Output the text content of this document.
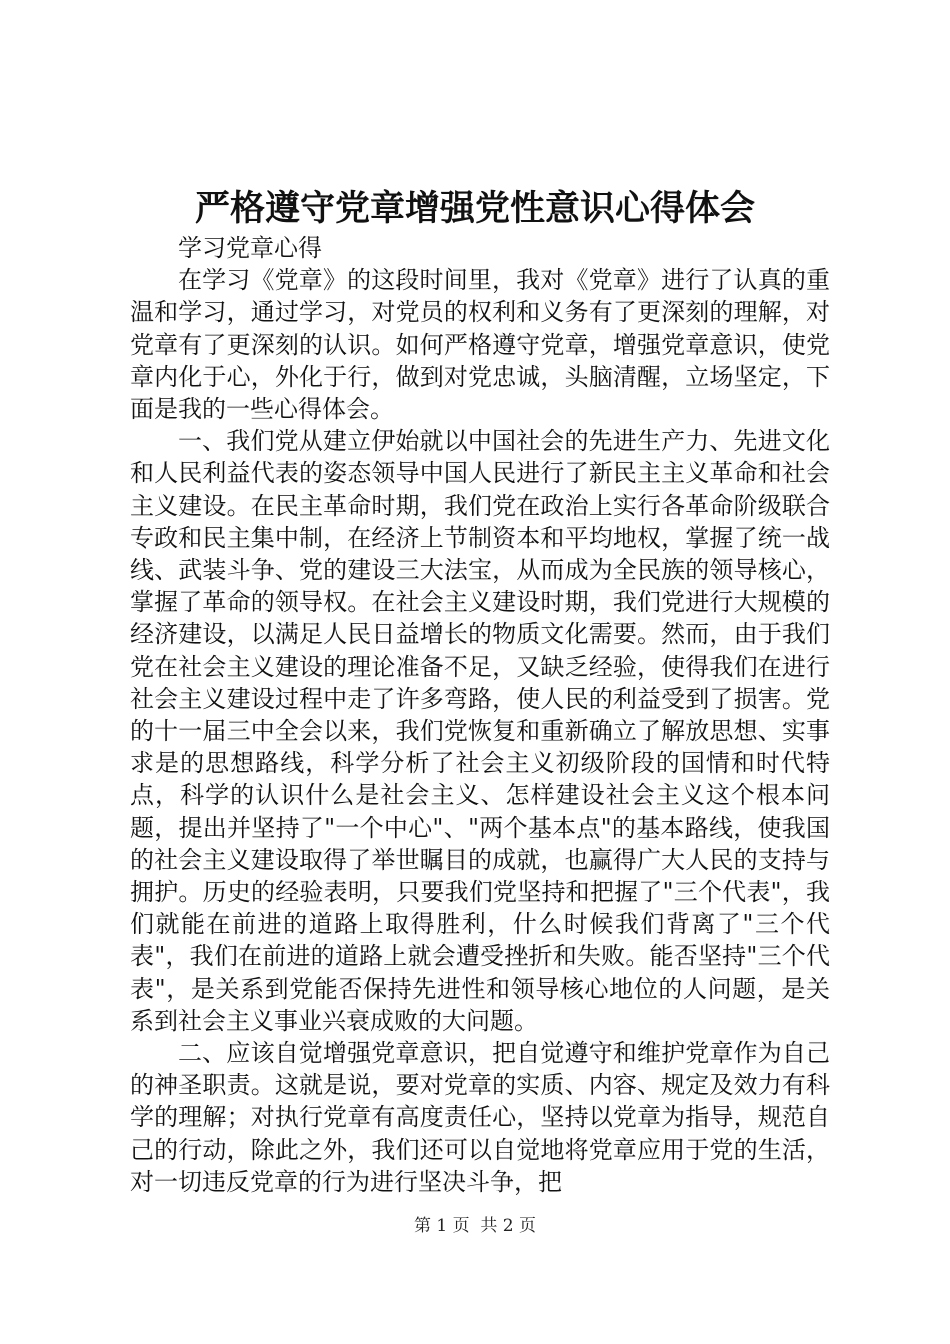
严格遵守党章增强党性意识心得体会

学习党章心得

在学习《党章》的这段时间里，我对《党章》进行了认真的重温和学习，通过学习，对党员的权利和义务有了更深刻的理解，对党章有了更深刻的认识。如何严格遵守党章，增强党章意识，使党章内化于心，外化于行，做到对党忠诚，头脑清醒，立场坚定，下面是我的一些心得体会。

一、我们党从建立伊始就以中国社会的先进生产力、先进文化和人民利益代表的姿态领导中国人民进行了新民主主义革命和社会主义建设。在民主革命时期，我们党在政治上实行各革命阶级联合专政和民主集中制，在经济上节制资本和平均地权，掌握了统一战线、武装斗争、党的建设三大法宝，从而成为全民族的领导核心，掌握了革命的领导权。在社会主义建设时期，我们党进行大规模的经济建设，以满足人民日益增长的物质文化需要。然而，由于我们党在社会主义建设的理论准备不足，又缺乏经验，使得我们在进行社会主义建设过程中走了许多弯路，使人民的利益受到了损害。党的十一届三中全会以来，我们党恢复和重新确立了解放思想、实事求是的思想路线，科学分析了社会主义初级阶段的国情和时代特点，科学的认识什么是社会主义、怎样建设社会主义这个根本问题，提出并坚持了"一个中心"、"两个基本点"的基本路线，使我国的社会主义建设取得了举世瞩目的成就，也赢得广大人民的支持与拥护。历史的经验表明，只要我们党坚持和把握了"三个代表"，我们就能在前进的道路上取得胜利，什么时候我们背离了"三个代表"，我们在前进的道路上就会遭受挫折和失败。能否坚持"三个代表"，是关系到党能否保持先进性和领导核心地位的人问题，是关系到社会主义事业兴衰成败的大问题。

二、应该自觉增强党章意识，把自觉遵守和维护党章作为自己的神圣职责。这就是说，要对党章的实质、内容、规定及效力有科学的理解；对执行党章有高度责任心，坚持以党章为指导，规范自己的行动，除此之外，我们还可以自觉地将党章应用于党的生活，对一切违反党章的行为进行坚决斗争，把

第 1 页  共 2 页
